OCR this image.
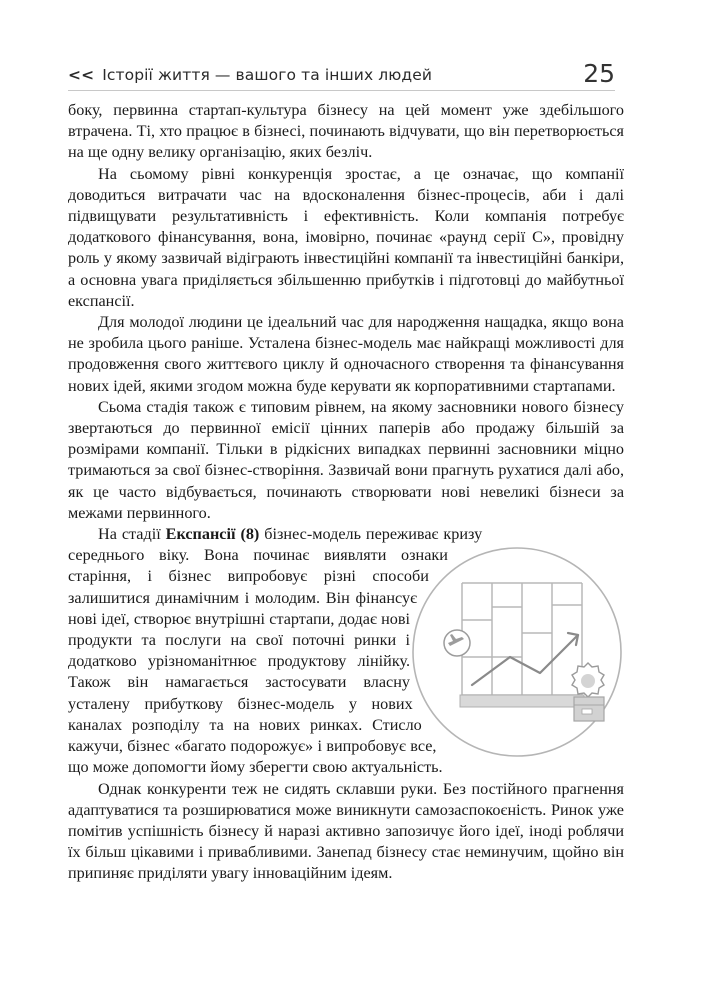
<< Історії життя — вашого та інших людей	25

боку, первинна стартап-культура бізнесу на цей момент уже здебільшого втрачена. Ті, хто працює в бізнесі, починають відчувати, що він перетворюється на ще одну велику організацію, яких безліч.

На сьомому рівні конкуренція зростає, а це означає, що компанії доводиться витрачати час на вдосконалення бізнес-процесів, аби і далі підвищувати результативність і ефективність. Коли компанія потребує додаткового фінансування, вона, імовірно, починає «раунд серії С», провідну роль у якому зазвичай відіграють інвестиційні компанії та інвестиційні банкіри, а основна увага приділяється збільшенню прибутків і підготовці до майбутньої експансії.

Для молодої людини це ідеальний час для народження нащадка, якщо вона не зробила цього раніше. Усталена бізнес-модель має найкращі можливості для продовження свого життєвого циклу й одночасного створення та фінансування нових ідей, якими згодом можна буде керувати як корпоративними стартапами.

Сьома стадія також є типовим рівнем, на якому засновники нового бізнесу звертаються до первинної емісії цінних паперів або продажу більшій за розмірами компанії. Тільки в рідкісних випадках первинні засновники міцно тримаються за свої бізнес-створіння. Зазвичай вони прагнуть рухатися далі або, як це часто відбувається, починають створювати нові невеликі бізнеси за межами первинного.

На стадії Експансії (8) бізнес-модель переживає кризу середнього віку. Вона починає виявляти ознаки старіння, і бізнес випробовує різні способи залишитися динамічним і молодим. Він фінансує нові ідеї, створює внутрішні стартапи, додає нові продукти та послуги на свої поточні ринки і додатково урізноманітнює продуктову лінійку. Також він намагається застосувати власну усталену прибуткову бізнес-модель у нових каналах розподілу та на нових ринках. Стисло кажучи, бізнес «багато подорожує» і випробовує все, що може допомогти йому зберегти свою актуальність.

Однак конкуренти теж не сидять склавши руки. Без постійного прагнення адаптуватися та розширюватися може виникнути самозаспокоєність. Ринок уже помітив успішність бізнесу й наразі активно запозичує його ідеї, іноді роблячи їх більш цікавими і привабливими. Занепад бізнесу стає неминучим, щойно він припиняє приділяти увагу інноваційним ідеям.
